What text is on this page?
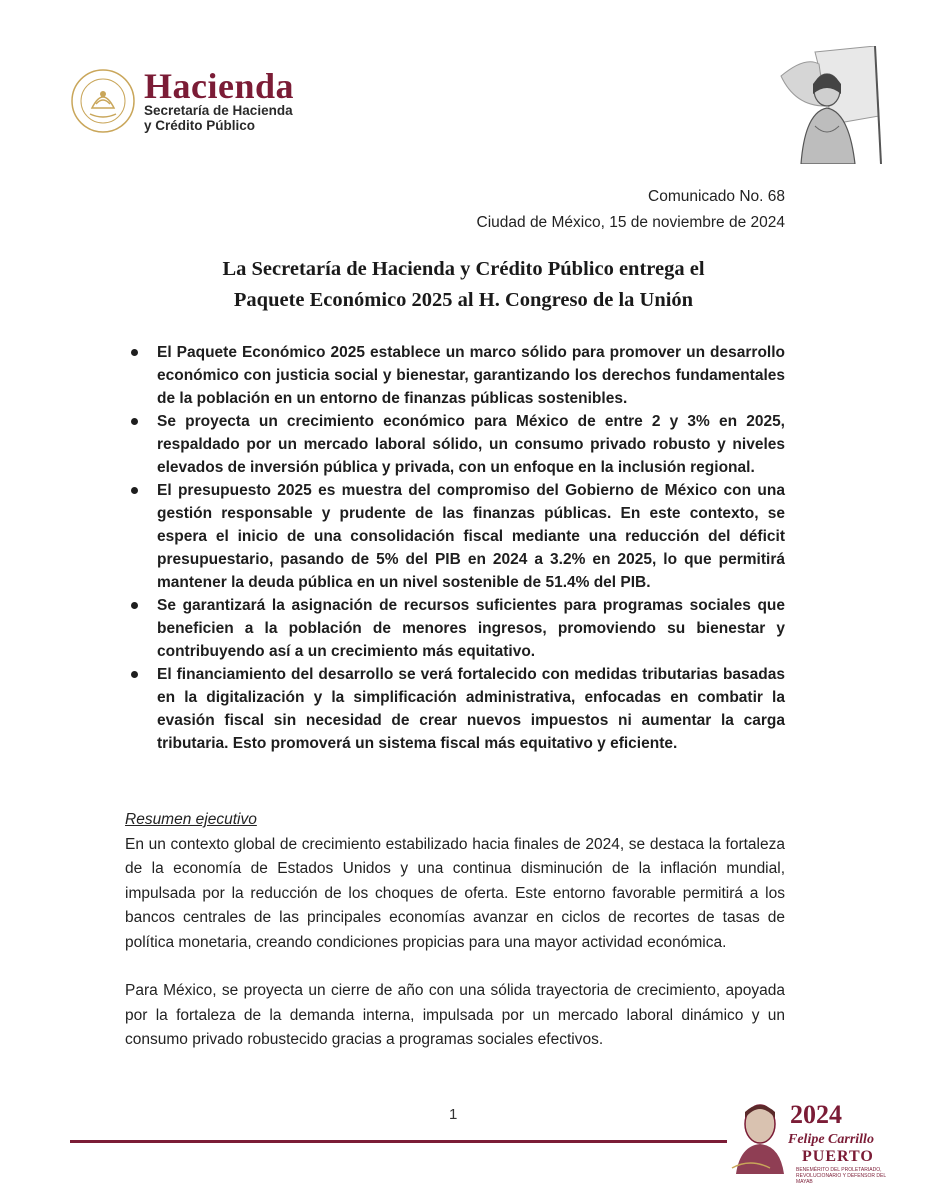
Hacienda
Secretaría de Hacienda
y Crédito Público
Comunicado No. 68
Ciudad de México, 15 de noviembre de 2024
La Secretaría de Hacienda y Crédito Público entrega el
Paquete Económico 2025 al H. Congreso de la Unión
El Paquete Económico 2025 establece un marco sólido para promover un desarrollo económico con justicia social y bienestar, garantizando los derechos fundamentales de la población en un entorno de finanzas públicas sostenibles.
Se proyecta un crecimiento económico para México de entre 2 y 3% en 2025, respaldado por un mercado laboral sólido, un consumo privado robusto y niveles elevados de inversión pública y privada, con un enfoque en la inclusión regional.
El presupuesto 2025 es muestra del compromiso del Gobierno de México con una gestión responsable y prudente de las finanzas públicas. En este contexto, se espera el inicio de una consolidación fiscal mediante una reducción del déficit presupuestario, pasando de 5% del PIB en 2024 a 3.2% en 2025, lo que permitirá mantener la deuda pública en un nivel sostenible de 51.4% del PIB.
Se garantizará la asignación de recursos suficientes para programas sociales que beneficien a la población de menores ingresos, promoviendo su bienestar y contribuyendo así a un crecimiento más equitativo.
El financiamiento del desarrollo se verá fortalecido con medidas tributarias basadas en la digitalización y la simplificación administrativa, enfocadas en combatir la evasión fiscal sin necesidad de crear nuevos impuestos ni aumentar la carga tributaria. Esto promoverá un sistema fiscal más equitativo y eficiente.
Resumen ejecutivo

En un contexto global de crecimiento estabilizado hacia finales de 2024, se destaca la fortaleza de la economía de Estados Unidos y una continua disminución de la inflación mundial, impulsada por la reducción de los choques de oferta. Este entorno favorable permitirá a los bancos centrales de las principales economías avanzar en ciclos de recortes de tasas de política monetaria, creando condiciones propicias para una mayor actividad económica.

Para México, se proyecta un cierre de año con una sólida trayectoria de crecimiento, apoyada por la fortaleza de la demanda interna, impulsada por un mercado laboral dinámico y un consumo privado robustecido gracias a programas sociales efectivos.

1	2024
Felipe Carrillo
PUERTO
BENEMÉRITO DEL PROLETARIADO, REVOLUCIONARIO Y DEFENSOR DEL MAYAB
